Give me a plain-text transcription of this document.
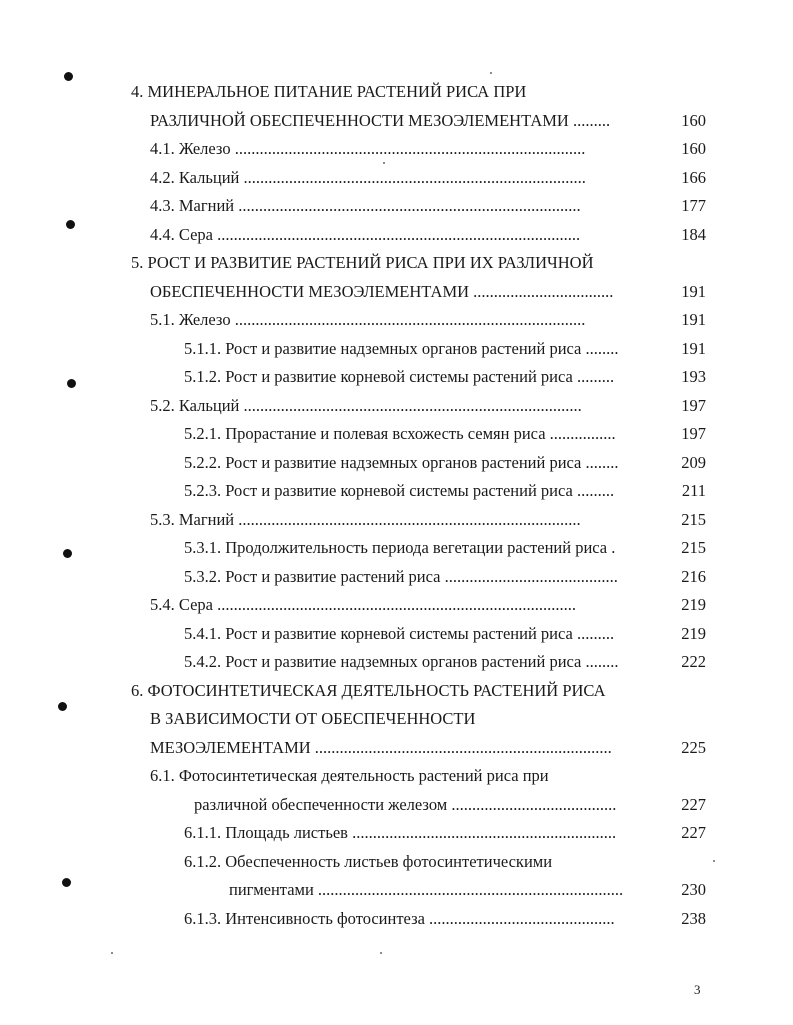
4. МИНЕРАЛЬНОЕ ПИТАНИЕ РАСТЕНИЙ РИСА ПРИ
РАЗЛИЧНОЙ ОБЕСПЕЧЕННОСТИ МЕЗОЭЛЕМЕНТАМИ .........	160
4.1. Железо .....................................................................................	160
4.2. Кальций ...................................................................................	166
4.3. Магний ...................................................................................	177
4.4. Сера ........................................................................................	184
5. РОСТ И РАЗВИТИЕ РАСТЕНИЙ РИСА ПРИ ИХ РАЗЛИЧНОЙ
ОБЕСПЕЧЕННОСТИ МЕЗОЭЛЕМЕНТАМИ ..................................	191
5.1. Железо .....................................................................................	191
5.1.1. Рост и развитие надземных органов растений риса ........	191
5.1.2. Рост и развитие корневой системы растений риса .........	193
5.2. Кальций ..................................................................................	197
5.2.1. Прорастание и полевая всхожесть семян риса ................	197
5.2.2. Рост и развитие надземных органов растений риса ........	209
5.2.3. Рост и развитие корневой системы растений риса .........	211
5.3. Магний ...................................................................................	215
5.3.1. Продолжительность периода вегетации растений риса .	215
5.3.2. Рост и развитие растений риса ..........................................	216
5.4. Сера .......................................................................................	219
5.4.1. Рост и развитие корневой системы растений риса .........	219
5.4.2. Рост и развитие надземных органов растений риса ........	222
6. ФОТОСИНТЕТИЧЕСКАЯ ДЕЯТЕЛЬНОСТЬ РАСТЕНИЙ РИСА
В ЗАВИСИМОСТИ ОТ ОБЕСПЕЧЕННОСТИ
МЕЗОЭЛЕМЕНТАМИ ........................................................................	225
6.1. Фотосинтетическая деятельность растений риса при
различной обеспеченности железом ........................................	227
6.1.1. Площадь листьев ................................................................	227
6.1.2. Обеспеченность листьев фотосинтетическими
пигментами ..........................................................................	230
6.1.3. Интенсивность фотосинтеза .............................................	238
3
